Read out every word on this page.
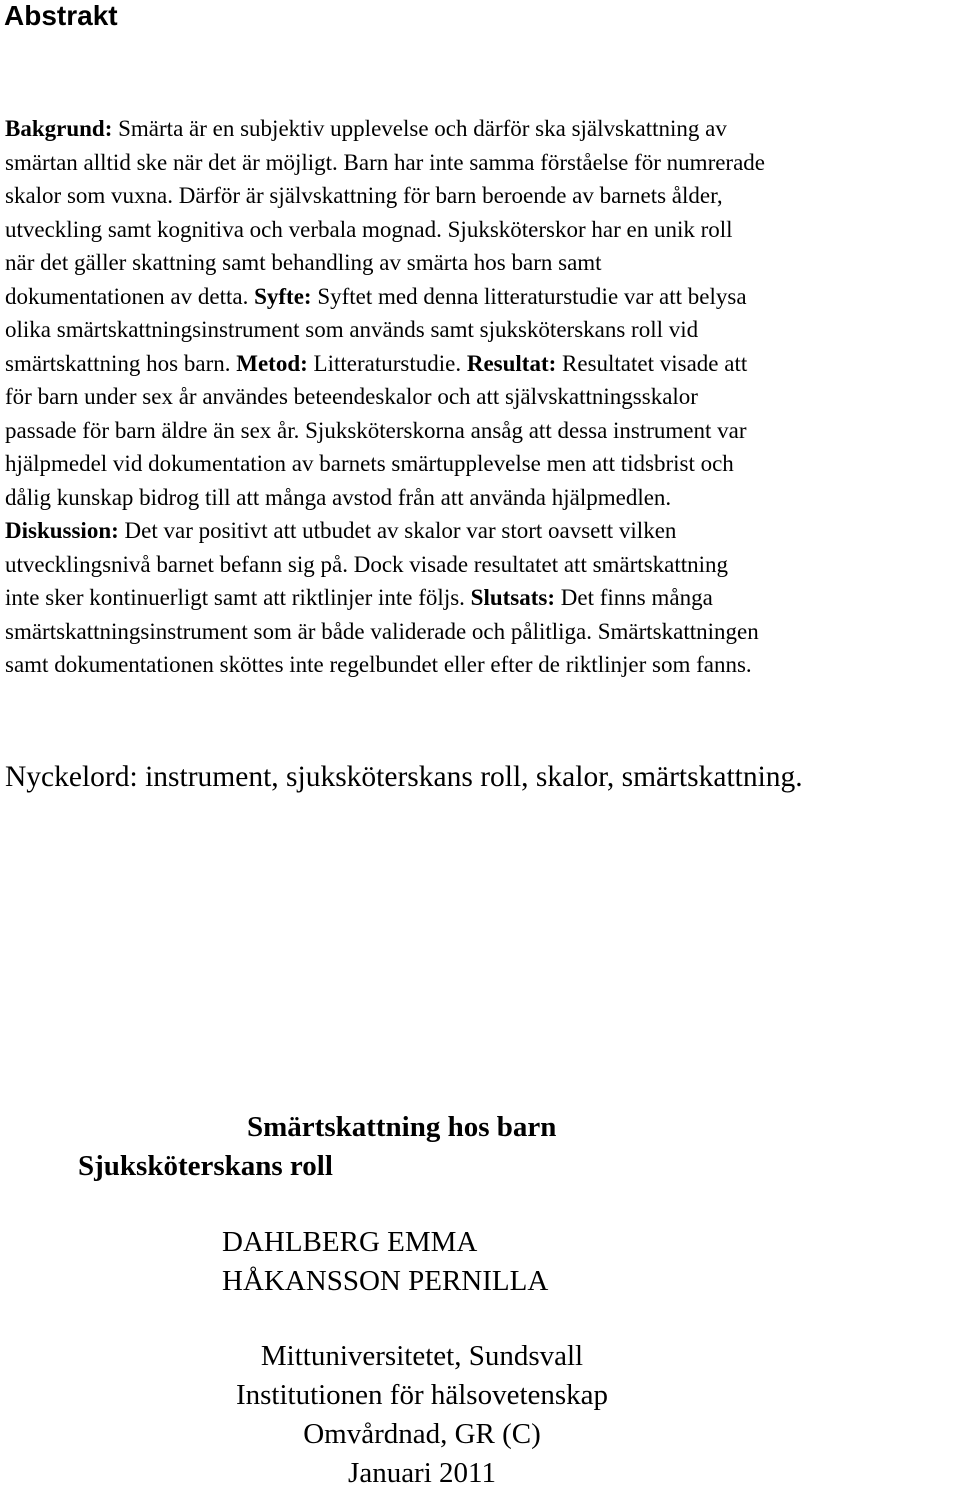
Abstrakt
Bakgrund: Smärta är en subjektiv upplevelse och därför ska självskattning av
smärtan alltid ske när det är möjligt. Barn har inte samma förståelse för numrerade
skalor som vuxna. Därför är självskattning för barn beroende av barnets ålder,
utveckling samt kognitiva och verbala mognad. Sjuksköterskor har en unik roll
när det gäller skattning samt behandling av smärta hos barn samt
dokumentationen av detta. Syfte: Syftet med denna litteraturstudie var att belysa
olika smärtskattningsinstrument som används samt sjuksköterskans roll vid
smärtskattning hos barn. Metod: Litteraturstudie. Resultat: Resultatet visade att
för barn under sex år användes beteendeskalor och att självskattningsskalor
passade för barn äldre än sex år. Sjuksköterskorna ansåg att dessa instrument var
hjälpmedel vid dokumentation av barnets smärtupplevelse men att tidsbrist och
dålig kunskap bidrog till att många avstod från att använda hjälpmedlen.
Diskussion: Det var positivt att utbudet av skalor var stort oavsett vilken
utvecklingsnivå barnet befann sig på. Dock visade resultatet att smärtskattning
inte sker kontinuerligt samt att riktlinjer inte följs. Slutsats: Det finns många
smärtskattningsinstrument som är både validerade och pålitliga. Smärtskattningen
samt dokumentationen sköttes inte regelbundet eller efter de riktlinjer som fanns.

Nyckelord: instrument, sjuksköterskans roll, skalor, smärtskattning.

Smärtskattning hos barn
Sjuksköterskans roll
DAHLBERG EMMA
HÅKANSSON PERNILLA
Mittuniversitetet, Sundsvall
Institutionen för hälsovetenskap
Omvårdnad, GR (C)
Januari 2011
